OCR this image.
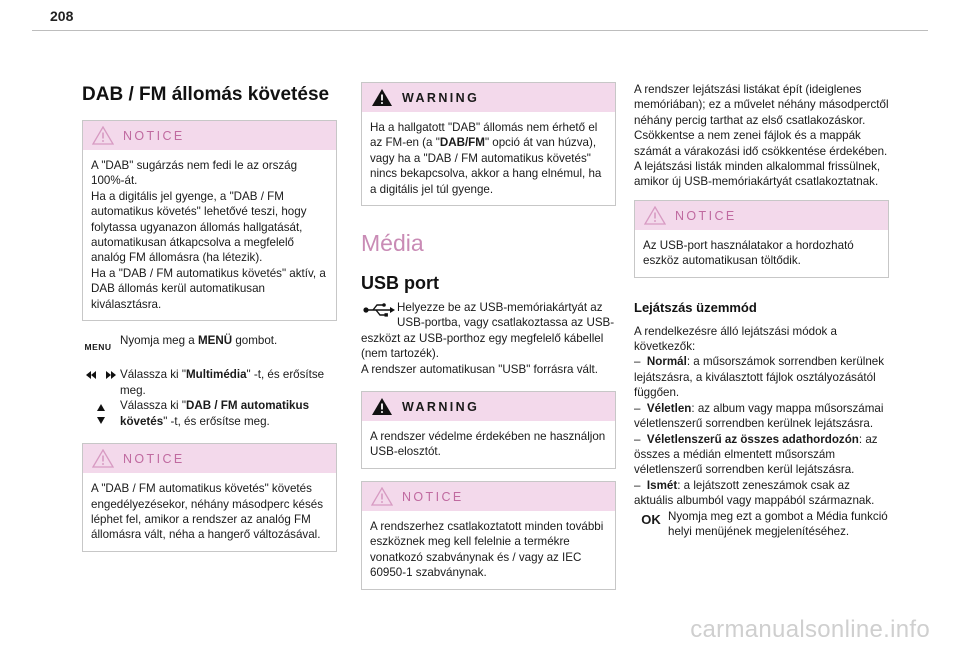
208
DAB / FM állomás követése
NOTICE

A "DAB" sugárzás nem fedi le az ország 100%-át.
Ha a digitális jel gyenge, a "DAB / FM automatikus követés" lehetővé teszi, hogy folytassa ugyanazon állomás hallgatását, automatikusan átkapcsolva a megfelelő analóg FM állomásra (ha létezik).
Ha a "DAB / FM automatikus követés" aktív, a DAB állomás kerül automatikusan kiválasztásra.

MENU Nyomja meg a MENÜ gombot.

Válassza ki "Multimédia" -t, és erősítse meg.

Válassza ki "DAB / FM automatikus követés" -t, és erősítse meg.

NOTICE

A "DAB / FM automatikus követés" követés engedélyezésekor, néhány másodperc késés léphet fel, amikor a rendszer az analóg FM állomásra vált, néha a hangerő változásával.

WARNING

Ha a hallgatott "DAB" állomás nem érhető el az FM-en (a "DAB/FM" opció át van húzva), vagy ha a "DAB / FM automatikus követés" nincs bekapcsolva, akkor a hang elnémul, ha a digitális jel túl gyenge.

Média
USB port

Helyezze be az USB-memóriakártyát az USB-portba, vagy csatlakoztassa az USB-eszközt az USB-porthoz egy megfelelő kábellel (nem tartozék).

A rendszer automatikusan "USB" forrásra vált.

WARNING

A rendszer védelme érdekében ne használjon USB-elosztót.

NOTICE

A rendszerhez csatlakoztatott minden további eszköznek meg kell felelnie a termékre vonatkozó szabványnak és / vagy az IEC 60950-1 szabványnak.

A rendszer lejátszási listákat épít (ideiglenes memóriában); ez a művelet néhány másodperctől néhány percig tarthat az első csatlakozáskor.
Csökkentse a nem zenei fájlok és a mappák számát a várakozási idő csökkentése érdekében. A lejátszási listák minden alkalommal frissülnek, amikor új USB-memóriakártyát csatlakoztatnak.

NOTICE

Az USB-port használatakor a hordozható eszköz automatikusan töltődik.

Lejátszás üzemmód

A rendelkezésre álló lejátszási módok a következők:

– Normál: a műsorszámok sorrendben kerülnek lejátszásra, a kiválasztott fájlok osztályozásától függően.

– Véletlen: az album vagy mappa műsorszámai véletlenszerű sorrendben kerülnek lejátszásra.

– Véletlenszerű az összes adathordozón: az összes a médián elmentett műsorszám véletlenszerű sorrendben kerül lejátszásra.

– Ismét: a lejátszott zeneszámok csak az aktuális albumból vagy mappából származnak.

OK Nyomja meg ezt a gombot a Média funkció helyi menüjének megjelenítéséhez.

carmanualsonline.info
